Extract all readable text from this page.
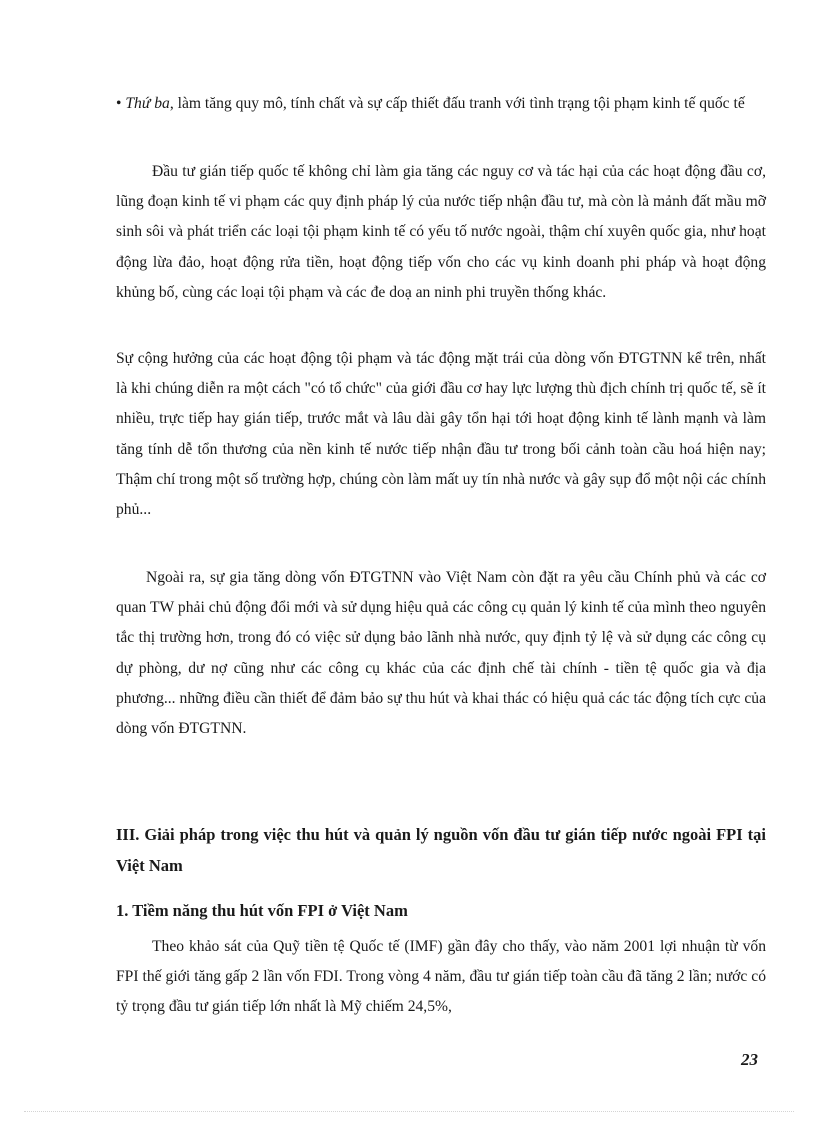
• Thứ ba, làm tăng quy mô, tính chất và sự cấp thiết đấu tranh với tình trạng tội phạm kinh tế quốc tế
Đầu tư gián tiếp quốc tế không chỉ làm gia tăng các nguy cơ và tác hại của các hoạt động đầu cơ, lũng đoạn kinh tế vi phạm các quy định pháp lý của nước tiếp nhận đầu tư, mà còn là mảnh đất mầu mỡ sinh sôi và phát triển các loại tội phạm kinh tế có yếu tố nước ngoài, thậm chí xuyên quốc gia, như hoạt động lừa đảo, hoạt động rửa tiền, hoạt động tiếp vốn cho các vụ kinh doanh phi pháp và hoạt động khủng bố, cùng các loại tội phạm và các đe doạ an ninh phi truyền thống khác.
Sự cộng hưởng của các hoạt động tội phạm và tác động mặt trái của dòng vốn ĐTGTNN kể trên, nhất là khi chúng diễn ra một cách "có tổ chức" của giới đầu cơ hay lực lượng thù địch chính trị quốc tế, sẽ ít nhiều, trực tiếp hay gián tiếp, trước mắt và lâu dài gây tổn hại tới hoạt động kinh tế lành mạnh và làm tăng tính dễ tổn thương của nền kinh tế nước tiếp nhận đầu tư trong bối cảnh toàn cầu hoá hiện nay; Thậm chí trong một số trường hợp, chúng còn làm mất uy tín nhà nước và gây sụp đổ một nội các chính phủ...
Ngoài ra, sự gia tăng dòng vốn ĐTGTNN vào Việt Nam còn đặt ra yêu cầu Chính phủ và các cơ quan TW phải chủ động đổi mới và sử dụng hiệu quả các công cụ quản lý kinh tế của mình theo nguyên tắc thị trường hơn, trong đó có việc sử dụng bảo lãnh nhà nước, quy định tỷ lệ và sử dụng các công cụ dự phòng, dư nợ cũng như các công cụ khác của các định chế tài chính - tiền tệ quốc gia và địa phương... những điều cần thiết để đảm bảo sự thu hút và khai thác có hiệu quả các tác động tích cực của dòng vốn ĐTGTNN.
III. Giải pháp trong việc thu hút và quản lý nguồn vốn đầu tư gián tiếp nước ngoài FPI tại Việt Nam
1. Tiềm năng thu hút vốn FPI ở Việt Nam
Theo khảo sát của Quỹ tiền tệ Quốc tế (IMF) gần đây cho thấy, vào năm 2001 lợi nhuận từ vốn FPI thế giới tăng gấp 2 lần vốn FDI. Trong vòng 4 năm, đầu tư gián tiếp toàn cầu đã tăng 2 lần; nước có tỷ trọng đầu tư gián tiếp lớn nhất là Mỹ chiếm 24,5%,
23
